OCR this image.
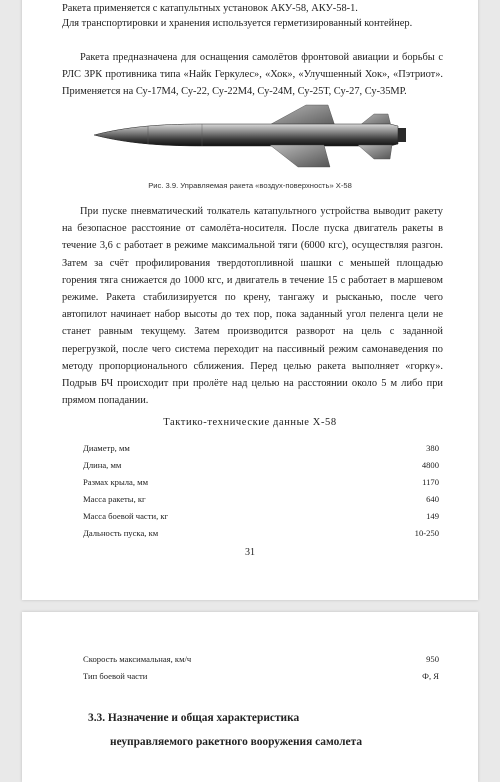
Ракета применяется с катапультных установок АКУ-58, АКУ-58-1.

Для транспортировки и хранения используется герметизированный контейнер.

Ракета предназначена для оснащения самолётов фронтовой авиации и борьбы с РЛС ЗРК противника типа «Найк Геркулес», «Хок», «Улучшенный Хок», «Пэтриот». Применяется на Су-17М4, Су-22, Су-22М4, Су-24М, Су-25Т, Су-27, Су-35МР.

Рис. 3.9. Управляемая ракета «воздух-поверхность» Х-58

При пуске пневматический толкатель катапультного устройства выводит ракету на безопасное расстояние от самолёта-носителя. После пуска двигатель ракеты в течение 3,6 с работает в режиме максимальной тяги (6000 кгс), осуществляя разгон. Затем за счёт профилирования твердотопливной шашки с меньшей площадью горения тяга снижается до 1000 кгс, и двигатель в течение 15 с работает в маршевом режиме. Ракета стабилизируется по крену, тангажу и рысканью, после чего автопилот начинает набор высоты до тех пор, пока заданный угол пеленга цели не станет равным текущему. Затем производится разворот на цель с заданной перегрузкой, после чего система переходит на пассивный режим самонаведения по методу пропорционального сближения. Перед целью ракета выполняет «горку». Подрыв БЧ происходит при пролёте над целью на расстоянии около 5 м либо при прямом попадании.

Тактико-технические данные Х-58
Диаметр, мм	380
Длина, мм	4800
Размах крыла, мм	1170
Масса ракеты, кг	640
Масса боевой части, кг	149
Дальность пуска, км	10-250
31
Скорость максимальная, км/ч	950
Тип боевой части	Ф, Я
3.3. Назначение и общая характеристика
неуправляемого ракетного вооружения самолета
